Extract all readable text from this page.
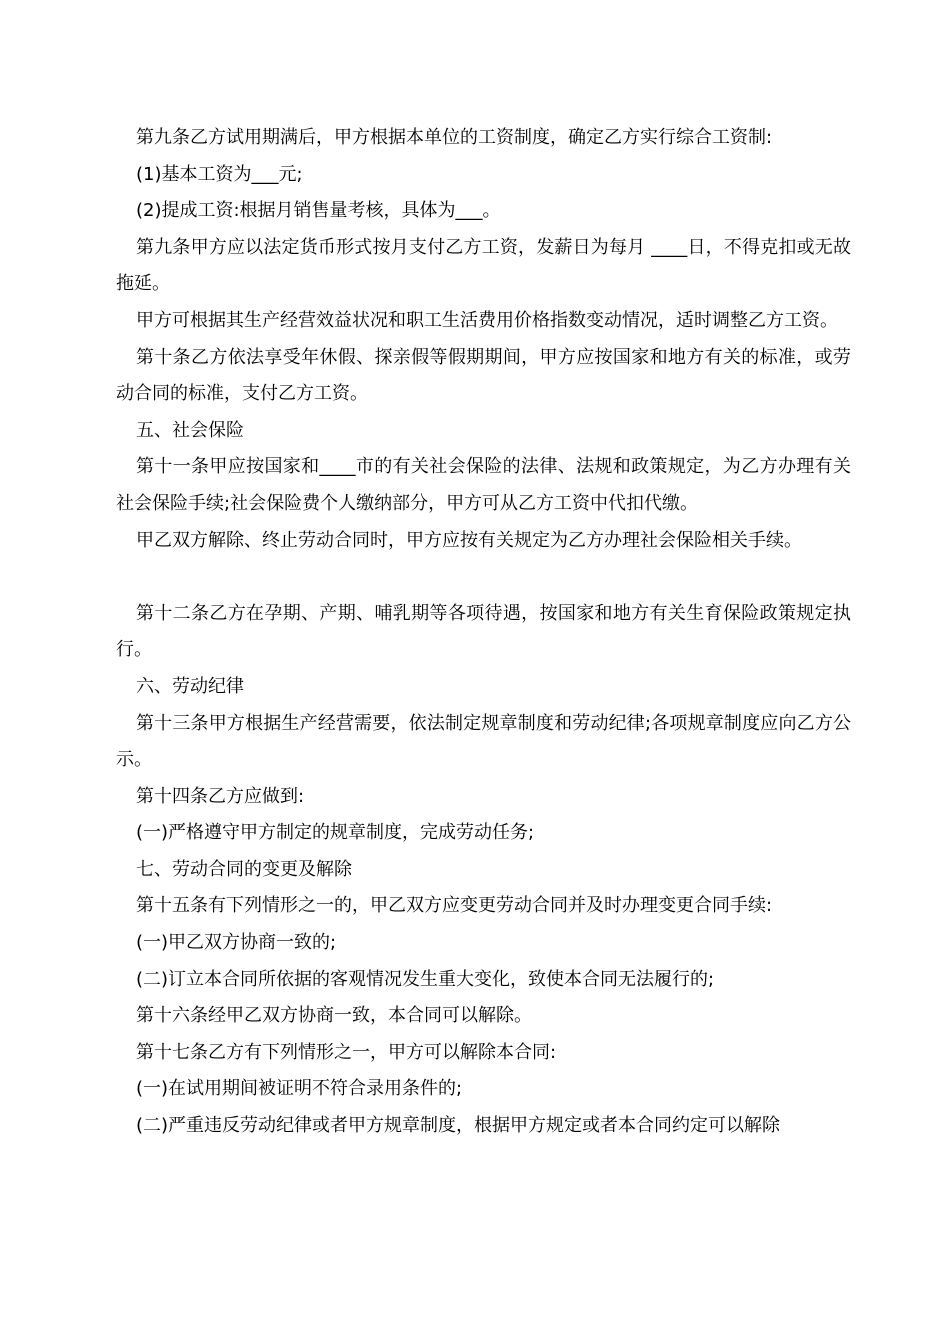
第九条乙方试用期满后，甲方根据本单位的工资制度，确定乙方实行综合工资制:

(1)基本工资为___元;

(2)提成工资:根据月销售量考核，具体为___。

第九条甲方应以法定货币形式按月支付乙方工资，发薪日为每月 ____日，不得克扣或无故拖延。

甲方可根据其生产经营效益状况和职工生活费用价格指数变动情况，适时调整乙方工资。

第十条乙方依法享受年休假、探亲假等假期期间，甲方应按国家和地方有关的标准，或劳动合同的标准，支付乙方工资。

五、社会保险

第十一条甲应按国家和____市的有关社会保险的法律、法规和政策规定，为乙方办理有关社会保险手续;社会保险费个人缴纳部分，甲方可从乙方工资中代扣代缴。

甲乙双方解除、终止劳动合同时，甲方应按有关规定为乙方办理社会保险相关手续。

第十二条乙方在孕期、产期、哺乳期等各项待遇，按国家和地方有关生育保险政策规定执行。

六、劳动纪律

第十三条甲方根据生产经营需要，依法制定规章制度和劳动纪律;各项规章制度应向乙方公示。

第十四条乙方应做到:

(一)严格遵守甲方制定的规章制度，完成劳动任务;

七、劳动合同的变更及解除

第十五条有下列情形之一的，甲乙双方应变更劳动合同并及时办理变更合同手续:

(一)甲乙双方协商一致的;

(二)订立本合同所依据的客观情况发生重大变化，致使本合同无法履行的;

第十六条经甲乙双方协商一致，本合同可以解除。

第十七条乙方有下列情形之一，甲方可以解除本合同:

(一)在试用期间被证明不符合录用条件的;

(二)严重违反劳动纪律或者甲方规章制度，根据甲方规定或者本合同约定可以解除
